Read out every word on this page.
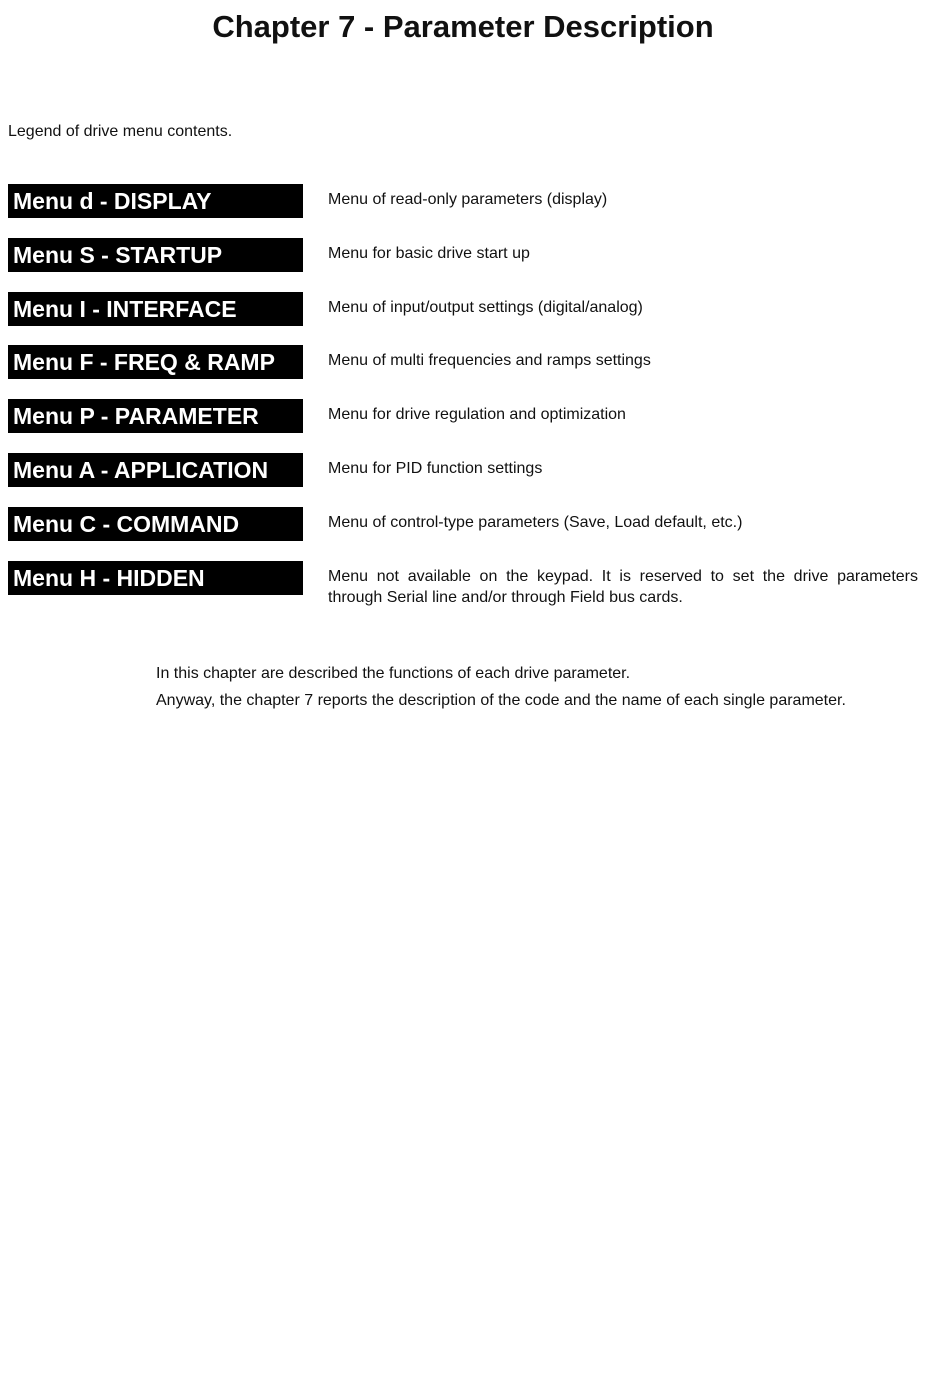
Chapter 7 - Parameter Description

Legend of drive menu contents.

Menu d - DISPLAY	Menu of read-only parameters (display)

Menu S - STARTUP	Menu for basic drive start up

Menu I - INTERFACE	Menu of input/output settings (digital/analog)

Menu F - FREQ & RAMP	Menu of multi frequencies and ramps settings

Menu P - PARAMETER	Menu for drive regulation and optimization

Menu A - APPLICATION	Menu for PID function settings

Menu C - COMMAND	Menu of control-type parameters (Save, Load default, etc.)

Menu H - HIDDEN	Menu not available on the keypad. It is reserved to set the drive parameters through Serial line and/or through Field bus cards.

In this chapter are described the functions of each drive parameter.

Anyway, the chapter 7 reports the description of the code and the name of each single parameter.
